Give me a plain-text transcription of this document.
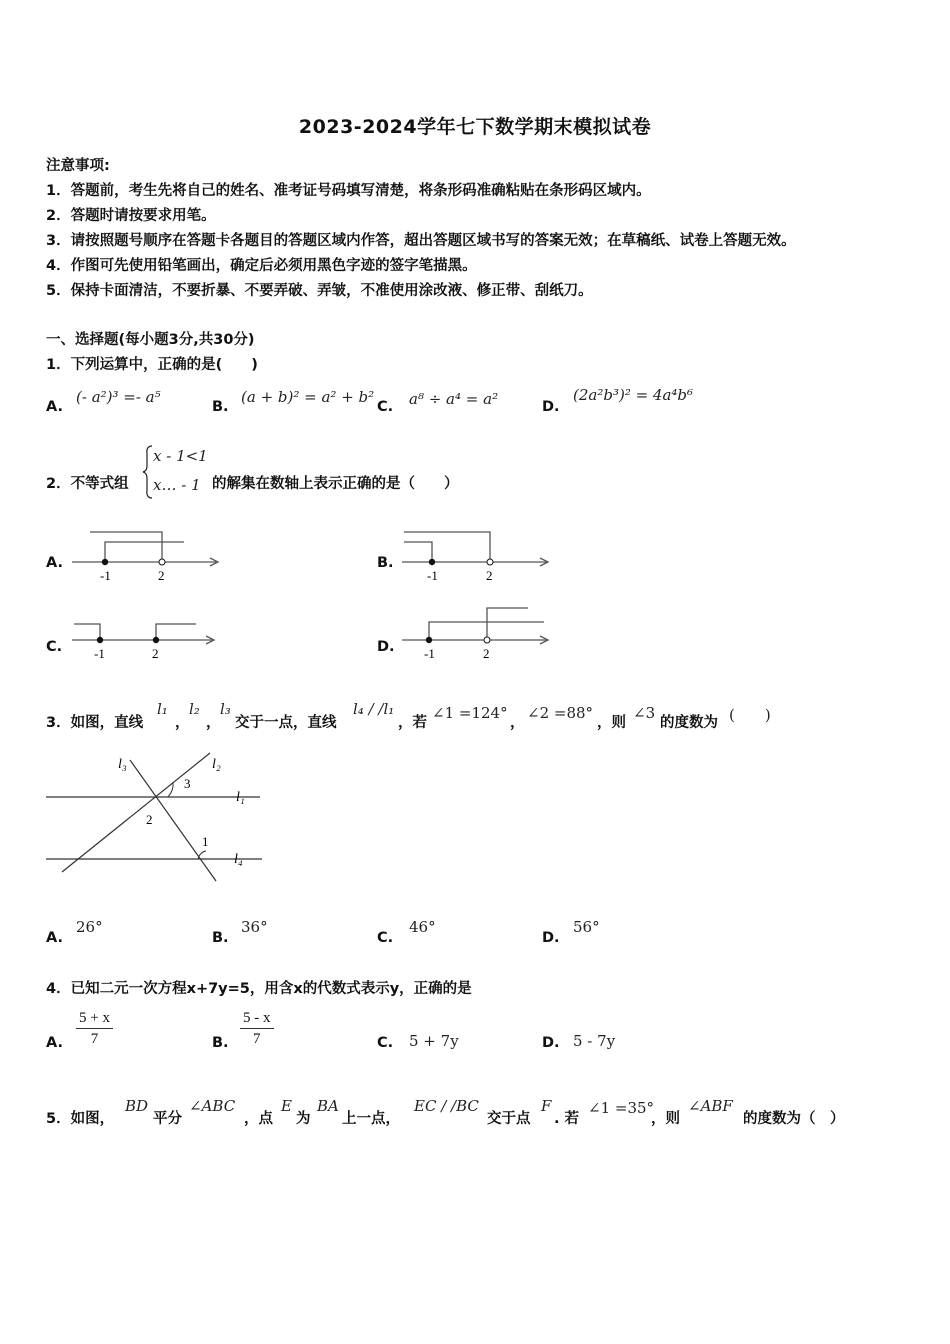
2023-2024学年七下数学期末模拟试卷
注意事项:
1．答题前，考生先将自己的姓名、准考证号码填写清楚，将条形码准确粘贴在条形码区域内。
2．答题时请按要求用笔。
3．请按照题号顺序在答题卡各题目的答题区域内作答，超出答题区域书写的答案无效；在草稿纸、试卷上答题无效。
4．作图可先使用铅笔画出，确定后必须用黑色字迹的签字笔描黑。
5．保持卡面清洁，不要折暴、不要弄破、弄皱，不准使用涂改液、修正带、刮纸刀。
一、选择题(每小题3分,共30分)
1．下列运算中，正确的是(　　)
A.
(- a²)³ =- a⁵
B.
(a + b)² = a² + b²
C. a⁸ ÷ a⁴ = a²	D.
(2a²b³)² = 4a⁴b⁶
2．不等式组
x - 1<1
x… - 1 的解集在数轴上表示正确的是（　　）
A.
-1	2
B.
-1	2
C. -1	2	D. -1	2
3．如图，直线
l₁
，
l₂
，
l₃
交于一点，直线
l₄ / /l₁
，若
∠1 =124°
，
∠2 =88°
，则
∠3
的度数为 (　　)
l₃	l₂
l₁
l₄
3
2
1
A.
26°
B.
36°
C.
46°
D.
56°
4．已知二元一次方程x+7y=5，用含x的代数式表示y，正确的是
A. $\frac{5 + x}{7}$	B. $\frac{5 - x}{7}$	C. 5 + 7y	D. 5 - 7y
5．如图，
BD
平分
∠ABC
，点
E
为
BA
上一点，
EC / /BC
交于点
F
. 若
∠1 =35°
，则
∠ABF
的度数为（　）
